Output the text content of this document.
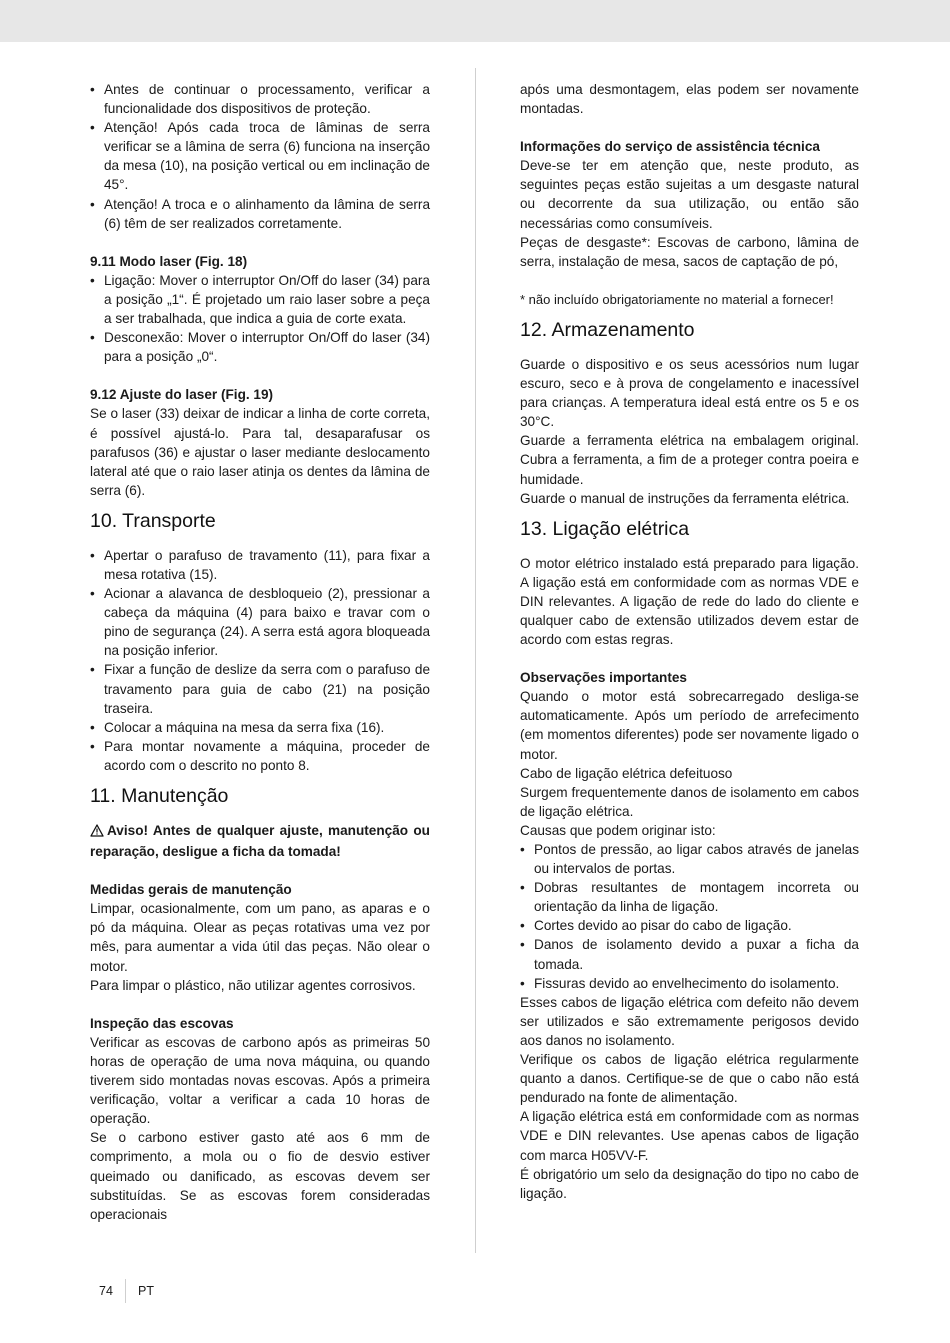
• Antes de continuar o processamento, verificar a funcionalidade dos dispositivos de proteção.
• Atenção! Após cada troca de lâminas de serra verificar se a lâmina de serra (6) funciona na inserção da mesa (10), na posição vertical ou em inclinação de 45°.
• Atenção! A troca e o alinhamento da lâmina de serra (6) têm de ser realizados corretamente.

9.11 Modo laser (Fig. 18)

• Ligação: Mover o interruptor On/Off do laser (34) para a posição „1“. É projetado um raio laser sobre a peça a ser trabalhada, que indica a guia de corte exata.
• Desconexão: Mover o interruptor On/Off do laser (34) para a posição „0“.

9.12 Ajuste do laser (Fig. 19)

Se o laser (33) deixar de indicar a linha de corte correta, é possível ajustá-lo. Para tal, desaparafusar os parafusos (36) e ajustar o laser mediante deslocamento lateral até que o raio laser atinja os dentes da lâmina de serra (6).

10. Transporte
• Apertar o parafuso de travamento (11), para fixar a mesa rotativa (15).
• Acionar a alavanca de desbloqueio (2), pressionar a cabeça da máquina (4) para baixo e travar com o pino de segurança (24). A serra está agora bloqueada na posição inferior.
• Fixar a função de deslize da serra com o parafuso de travamento para guia de cabo (21) na posição traseira.
• Colocar a máquina na mesa da serra fixa (16).
• Para montar novamente a máquina, proceder de acordo com o descrito no ponto 8.
11. Manutenção

Aviso! Antes de qualquer ajuste, manutenção ou reparação, desligue a ficha da tomada!

Medidas gerais de manutenção

Limpar, ocasionalmente, com um pano, as aparas e o pó da máquina. Olear as peças rotativas uma vez por mês, para aumentar a vida útil das peças. Não olear o motor.

Para limpar o plástico, não utilizar agentes corrosivos.

Inspeção das escovas

Verificar as escovas de carbono após as primeiras 50 horas de operação de uma nova máquina, ou quando tiverem sido montadas novas escovas. Após a primeira verificação, voltar a verificar a cada 10 horas de operação.

Se o carbono estiver gasto até aos 6 mm de comprimento, a mola ou o fio de desvio estiver queimado ou danificado, as escovas devem ser substituídas. Se as escovas forem consideradas operacionais

após uma desmontagem, elas podem ser novamente montadas.

Informações do serviço de assistência técnica

Deve-se ter em atenção que, neste produto, as seguintes peças estão sujeitas a um desgaste natural ou decorrente da sua utilização, ou então são necessárias como consumíveis.

Peças de desgaste*: Escovas de carbono, lâmina de serra, instalação de mesa, sacos de captação de pó,

* não incluído obrigatoriamente no material a fornecer!

12. Armazenamento

Guarde o dispositivo e os seus acessórios num lugar escuro, seco e à prova de congelamento e inacessível para crianças. A temperatura ideal está entre os 5 e os 30°C.

Guarde a ferramenta elétrica na embalagem original. Cubra a ferramenta, a fim de a proteger contra poeira e humidade.

Guarde o manual de instruções da ferramenta elétrica.

13. Ligação elétrica

O motor elétrico instalado está preparado para ligação. A ligação está em conformidade com as normas VDE e DIN relevantes. A ligação de rede do lado do cliente e qualquer cabo de extensão utilizados devem estar de acordo com estas regras.

Observações importantes

Quando o motor está sobrecarregado desliga-se automaticamente. Após um período de arrefecimento (em momentos diferentes) pode ser novamente ligado o motor.

Cabo de ligação elétrica defeituoso

Surgem frequentemente danos de isolamento em cabos de ligação elétrica.

Causas que podem originar isto:

• Pontos de pressão, ao ligar cabos através de janelas ou intervalos de portas.
• Dobras resultantes de montagem incorreta ou orientação da linha de ligação.
• Cortes devido ao pisar do cabo de ligação.
• Danos de isolamento devido a puxar a ficha da tomada.
• Fissuras devido ao envelhecimento do isolamento.

Esses cabos de ligação elétrica com defeito não devem ser utilizados e são extremamente perigosos devido aos danos no isolamento.

Verifique os cabos de ligação elétrica regularmente quanto a danos. Certifique-se de que o cabo não está pendurado na fonte de alimentação.

A ligação elétrica está em conformidade com as normas VDE e DIN relevantes. Use apenas cabos de ligação com marca H05VV-F.

É obrigatório um selo da designação do tipo no cabo de ligação.

74 PT
